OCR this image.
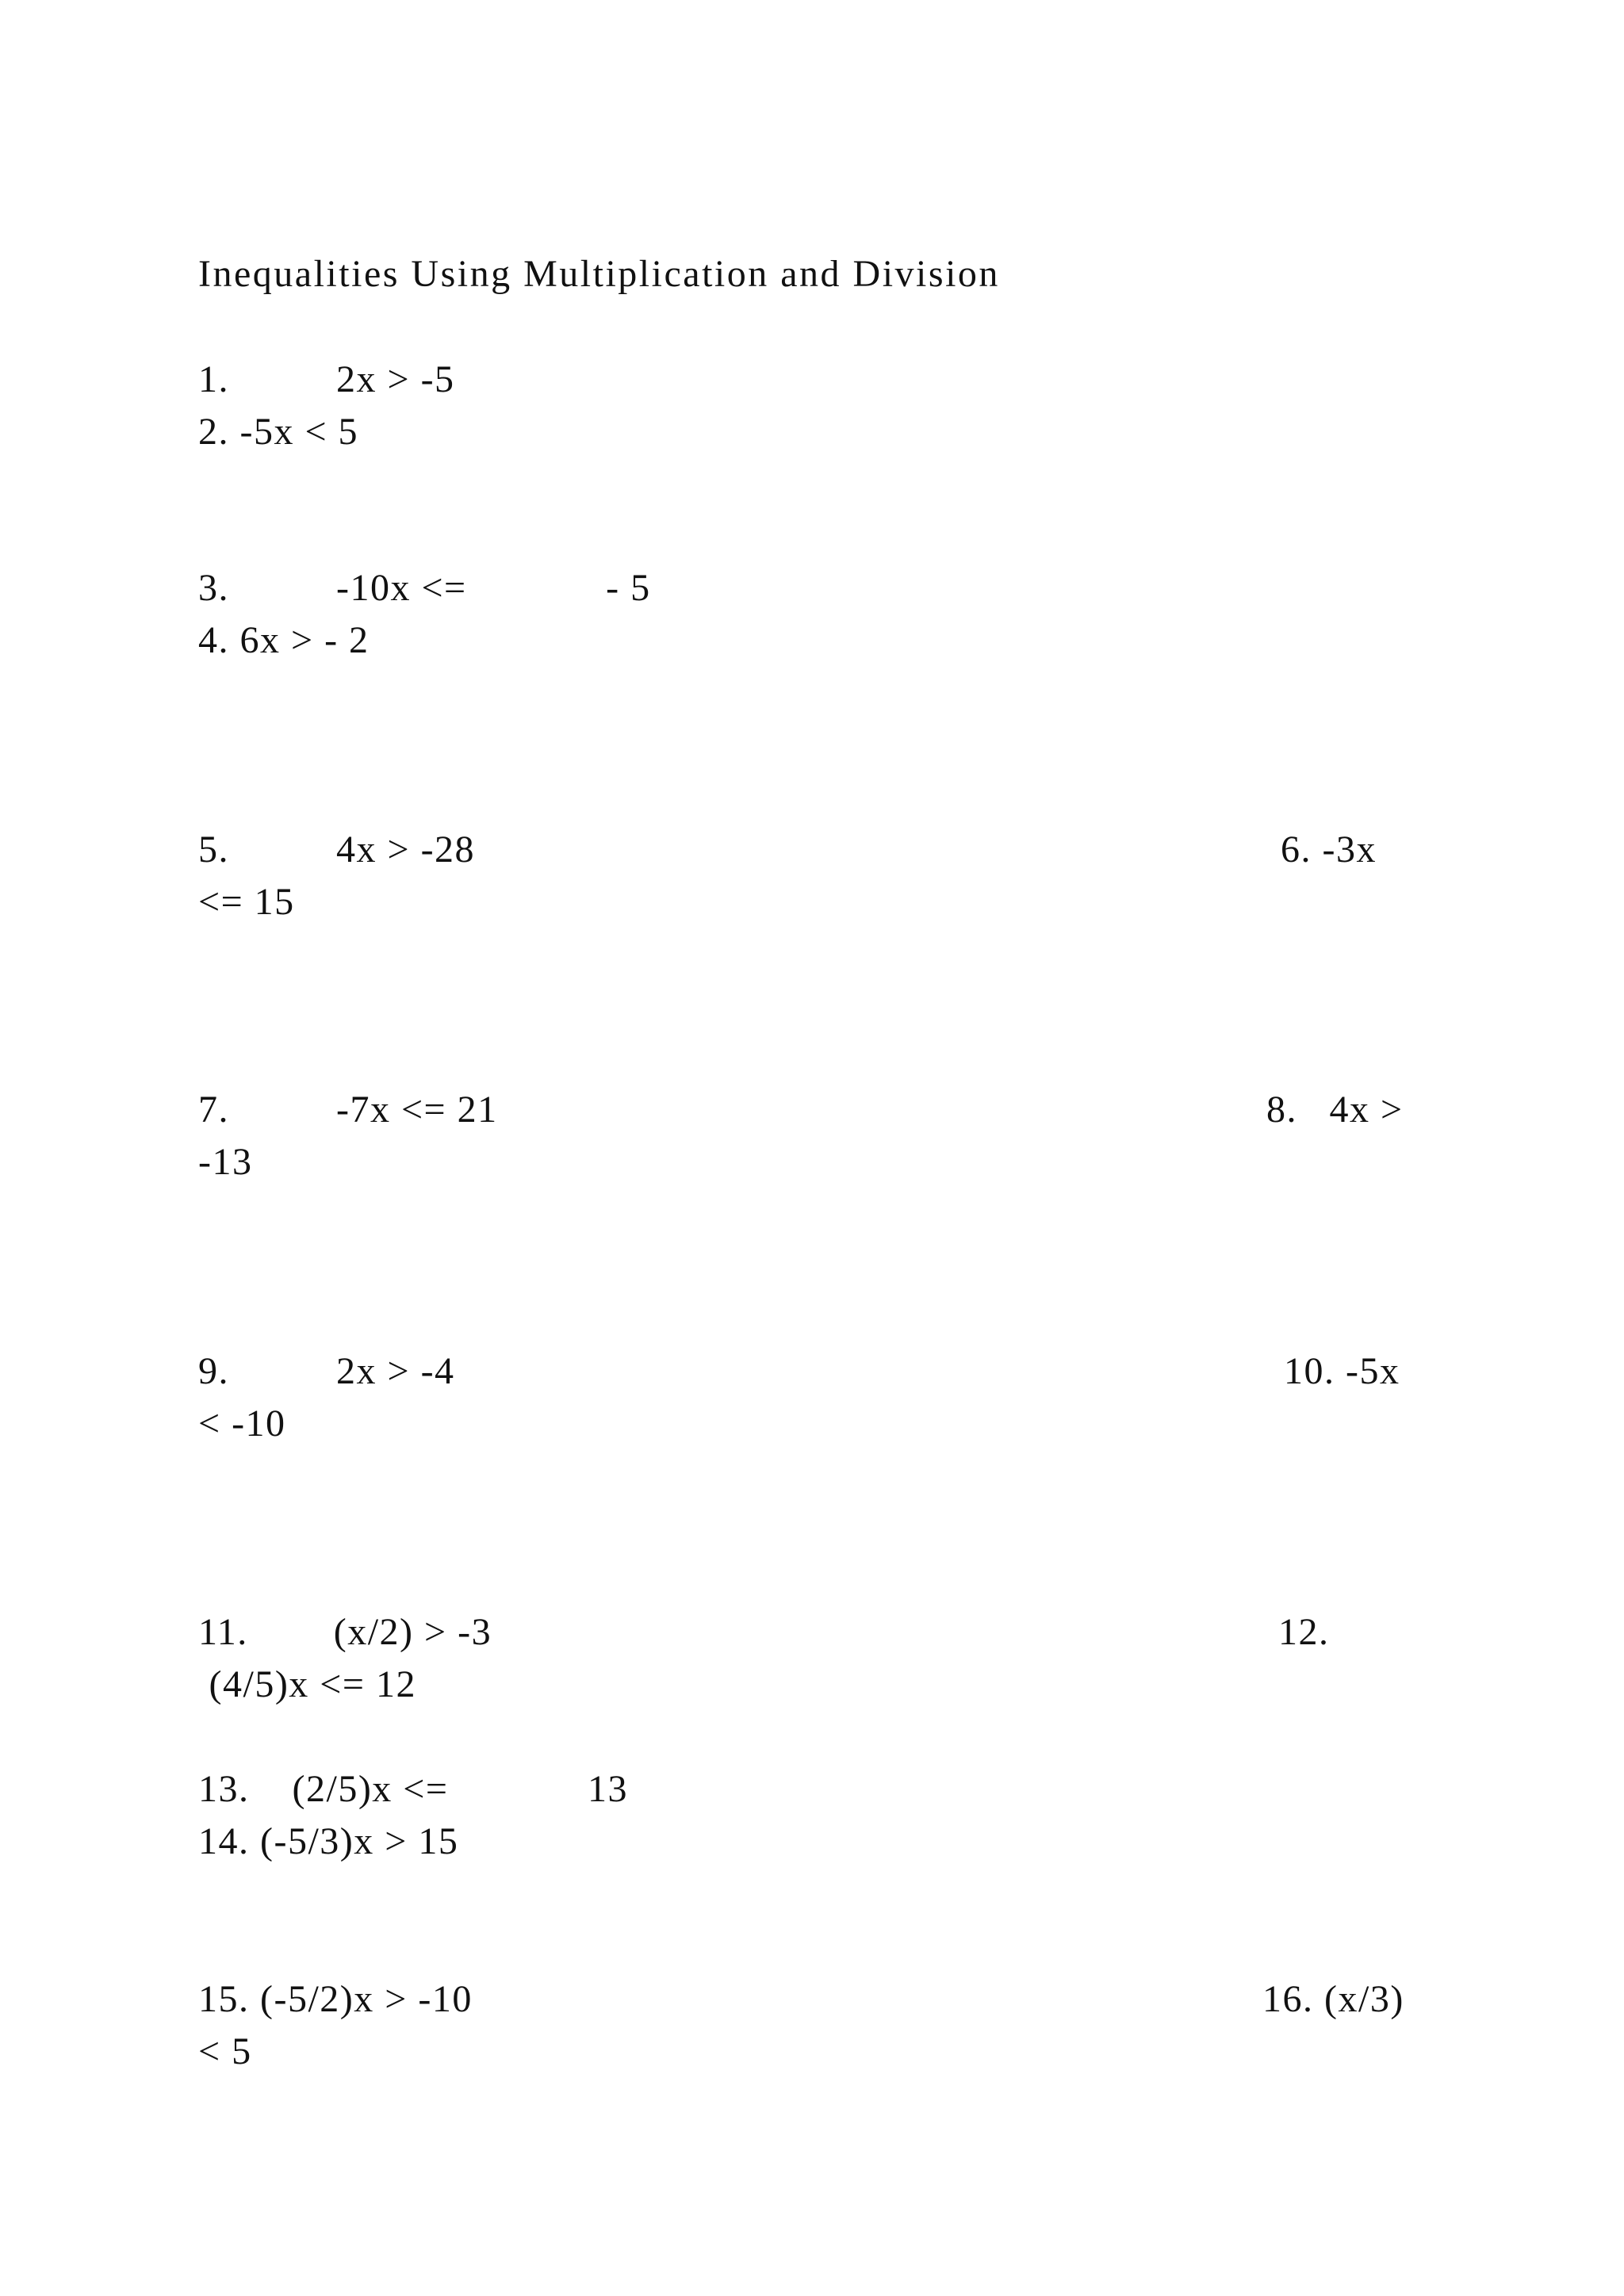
Inequalities Using Multiplication and Division
1.          2x > -5
2. -5x < 5
3.          -10x <=             - 5
4. 6x > - 2
5.          4x > -28	6. -3x
<= 15
7.          -7x <= 21	8.   4x >
-13
9.          2x > -4	10. -5x
< -10
11.        (x/2) > -3	12.
(4/5)x <= 12
13.    (2/5)x <=             13
14. (-5/3)x > 15
15. (-5/2)x > -10	16. (x/3)
< 5
